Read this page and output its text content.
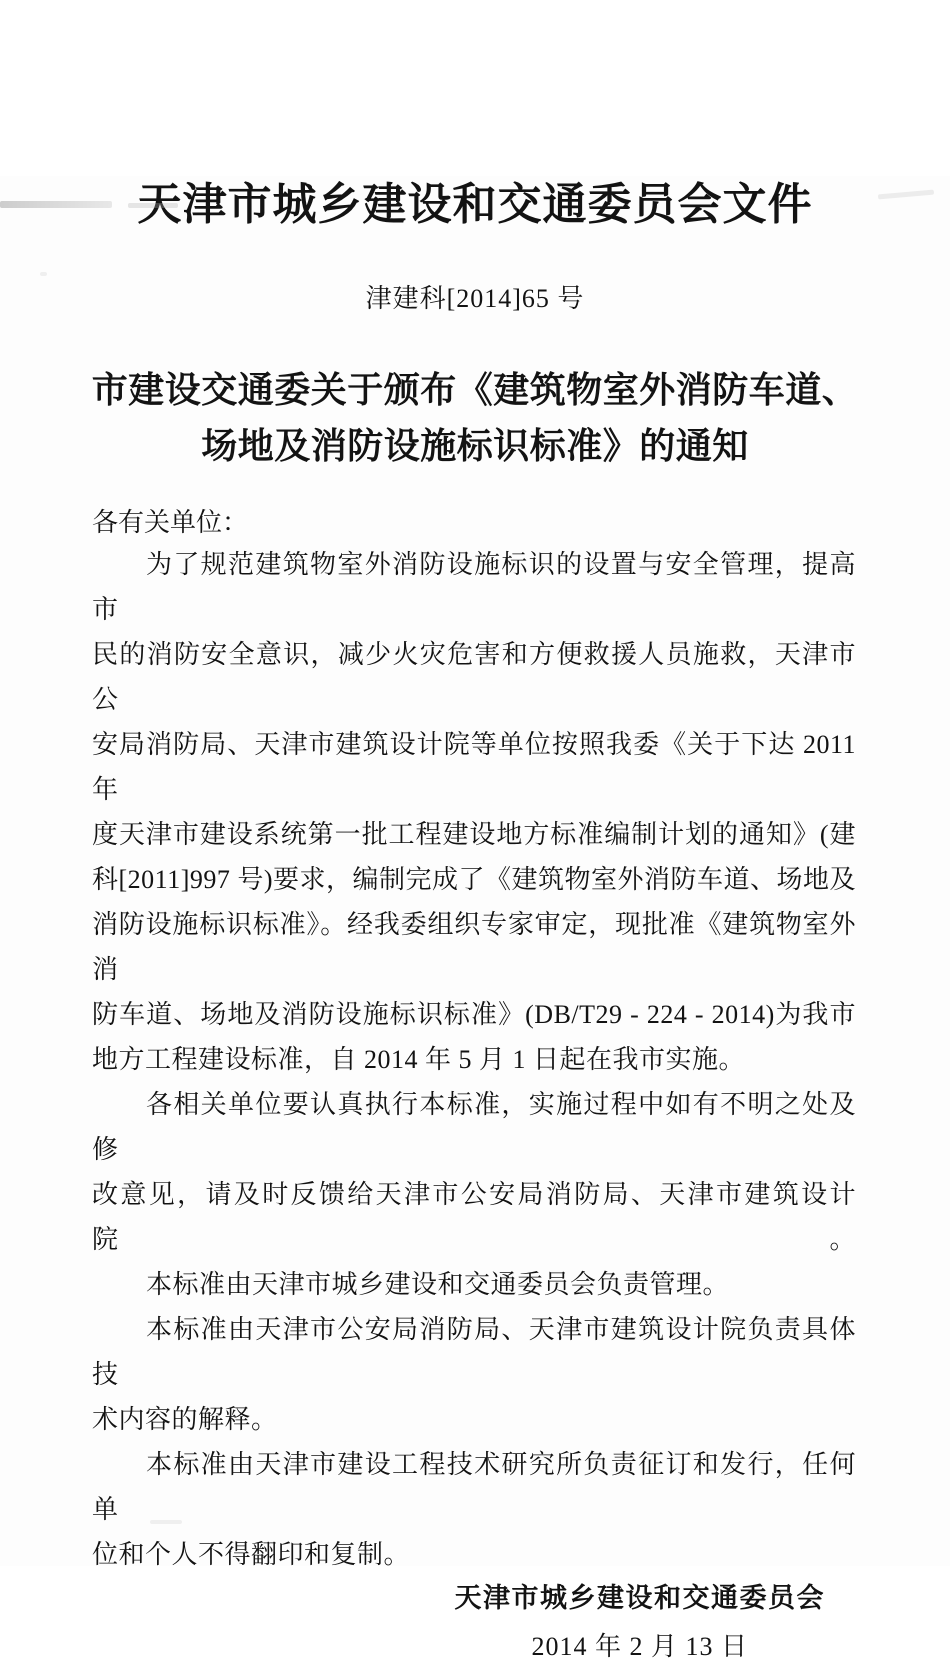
天津市城乡建设和交通委员会文件
津建科[2014]65 号
市建设交通委关于颁布《建筑物室外消防车道、
场地及消防设施标识标准》的通知
各有关单位：
为了规范建筑物室外消防设施标识的设置与安全管理，提高市
民的消防安全意识，减少火灾危害和方便救援人员施救，天津市公
安局消防局、天津市建筑设计院等单位按照我委《关于下达 2011 年
度天津市建设系统第一批工程建设地方标准编制计划的通知》(建
科[2011]997 号)要求，编制完成了《建筑物室外消防车道、场地及
消防设施标识标准》。经我委组织专家审定，现批准《建筑物室外消
防车道、场地及消防设施标识标准》(DB/T29 - 224 - 2014)为我市
地方工程建设标准，自 2014 年 5 月 1 日起在我市实施。
各相关单位要认真执行本标准，实施过程中如有不明之处及修
改意见，请及时反馈给天津市公安局消防局、天津市建筑设计院。
本标准由天津市城乡建设和交通委员会负责管理。
本标准由天津市公安局消防局、天津市建筑设计院负责具体技
术内容的解释。
本标准由天津市建设工程技术研究所负责征订和发行，任何单
位和个人不得翻印和复制。
天津市城乡建设和交通委员会
2014 年 2 月 13 日
